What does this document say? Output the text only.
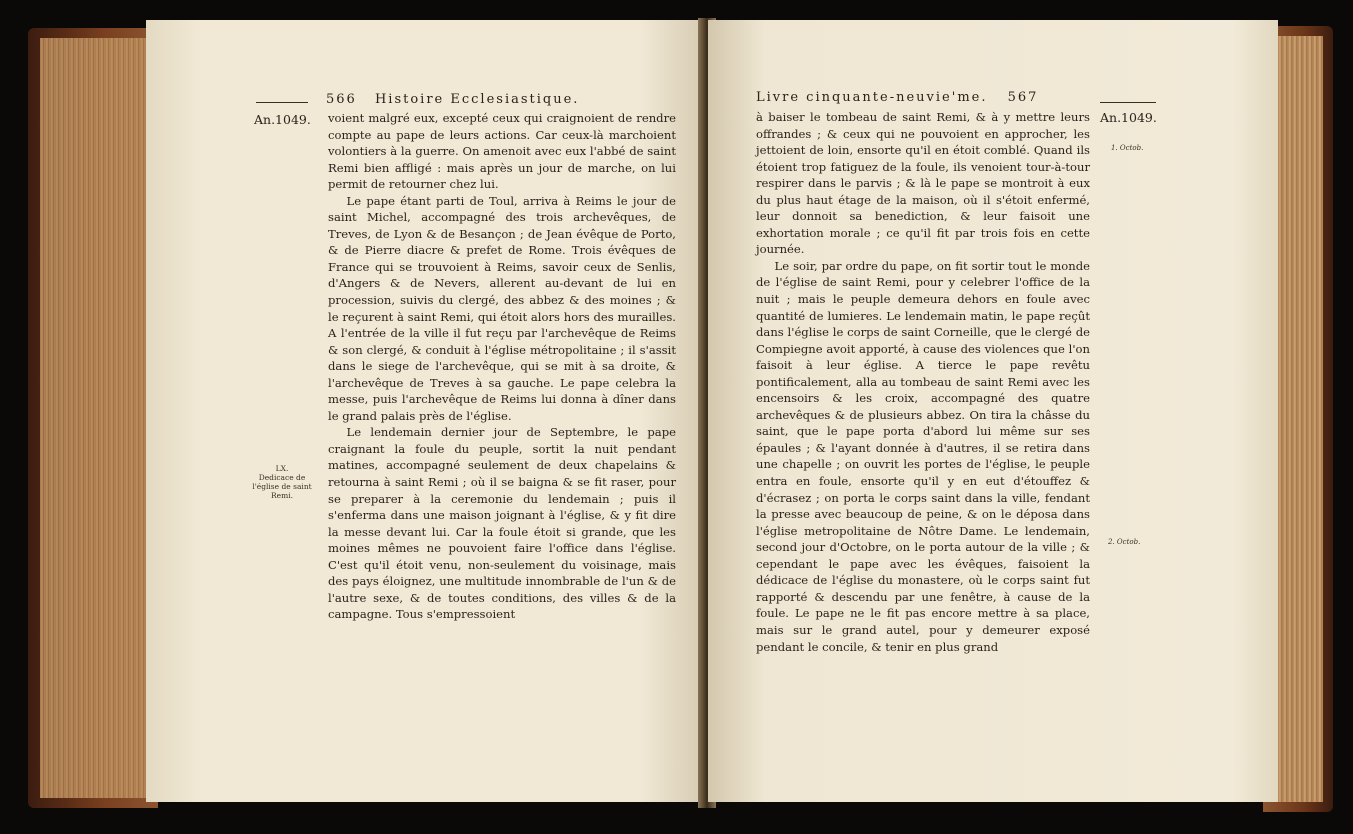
An.1049.
566 Histoire Ecclesiastique.
LX.
Dedicace de
l'église de saint
Remi.

voient malgré eux, excepté ceux qui craignoient de rendre compte au pape de leurs actions. Car ceux-là marchoient volontiers à la guerre. On amenoit avec eux l'abbé de saint Remi bien affligé : mais après un jour de marche, on lui permit de retourner chez lui.

Le pape étant parti de Toul, arriva à Reims le jour de saint Michel, accompagné des trois archevêques, de Treves, de Lyon & de Besançon ; de Jean évêque de Porto, & de Pierre diacre & prefet de Rome. Trois évêques de France qui se trouvoient à Reims, savoir ceux de Senlis, d'Angers & de Nevers, allerent au-devant de lui en procession, suivis du clergé, des abbez & des moines ; & le reçurent à saint Remi, qui étoit alors hors des murailles. A l'entrée de la ville il fut reçu par l'archevêque de Reims & son clergé, & conduit à l'église métropolitaine ; il s'assit dans le siege de l'archevêque, qui se mit à sa droite, & l'archevêque de Treves à sa gauche. Le pape celebra la messe, puis l'archevêque de Reims lui donna à dîner dans le grand palais près de l'église.

Le lendemain dernier jour de Septembre, le pape craignant la foule du peuple, sortit la nuit pendant matines, accompagné seulement de deux chapelains & retourna à saint Remi ; où il se baigna & se fit raser, pour se preparer à la ceremonie du lendemain ; puis il s'enferma dans une maison joignant à l'église, & y fit dire la messe devant lui. Car la foule étoit si grande, que les moines mêmes ne pouvoient faire l'office dans l'église. C'est qu'il étoit venu, non-seulement du voisinage, mais des pays éloignez, une multitude innombrable de l'un & de l'autre sexe, & de toutes conditions, des villes & de la campagne. Tous s'empressoient

Livre cinquante-neuvie'me. 567
An.1049.
1. Octob.
2. Octob.

à baiser le tombeau de saint Remi, & à y mettre leurs offrandes ; & ceux qui ne pouvoient en approcher, les jettoient de loin, ensorte qu'il en étoit comblé. Quand ils étoient trop fatiguez de la foule, ils venoient tour-à-tour respirer dans le parvis ; & là le pape se montroit à eux du plus haut étage de la maison, où il s'étoit enfermé, leur donnoit sa benediction, & leur faisoit une exhortation morale ; ce qu'il fit par trois fois en cette journée.

Le soir, par ordre du pape, on fit sortir tout le monde de l'église de saint Remi, pour y celebrer l'office de la nuit ; mais le peuple demeura dehors en foule avec quantité de lumieres. Le lendemain matin, le pape reçût dans l'église le corps de saint Corneille, que le clergé de Compiegne avoit apporté, à cause des violences que l'on faisoit à leur église. A tierce le pape revêtu pontificalement, alla au tombeau de saint Remi avec les encensoirs & les croix, accompagné des quatre archevêques & de plusieurs abbez. On tira la châsse du saint, que le pape porta d'abord lui même sur ses épaules ; & l'ayant donnée à d'autres, il se retira dans une chapelle ; on ouvrit les portes de l'église, le peuple entra en foule, ensorte qu'il y en eut d'étouffez & d'écrasez ; on porta le corps saint dans la ville, fendant la presse avec beaucoup de peine, & on le déposa dans l'église metropolitaine de Nôtre Dame. Le lendemain, second jour d'Octobre, on le porta autour de la ville ; & cependant le pape avec les évêques, faisoient la dédicace de l'église du monastere, où le corps saint fut rapporté & descendu par une fenêtre, à cause de la foule. Le pape ne le fit pas encore mettre à sa place, mais sur le grand autel, pour y demeurer exposé pendant le concile, & tenir en plus grand
